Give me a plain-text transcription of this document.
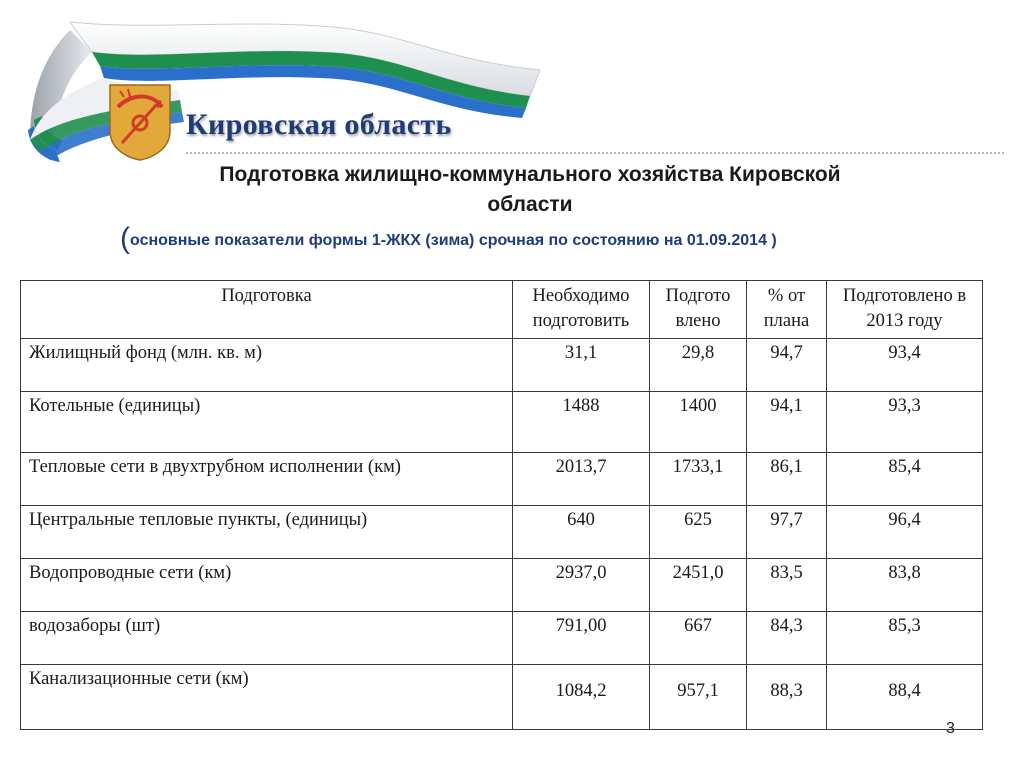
Кировская область
Подготовка жилищно-коммунального хозяйства Кировской
области
(основные показатели формы 1-ЖКХ (зима) срочная по состоянию на 01.09.2014 )
Подготовка	Необходимо подготовить	Подгото влено	% от плана	Подготовлено в 2013 году
Жилищный фонд (млн. кв. м)	31,1	29,8	94,7	93,4
Котельные (единицы)	1488	1400	94,1	93,3
Тепловые сети в двухтрубном исполнении (км)	2013,7	1733,1	86,1	85,4
Центральные тепловые пункты, (единицы)	640	625	97,7	96,4
Водопроводные сети (км)	2937,0	2451,0	83,5	83,8
водозаборы (шт)	791,00	667	84,3	85,3
Канализационные сети (км)	1084,2	957,1	88,3	88,4
3
